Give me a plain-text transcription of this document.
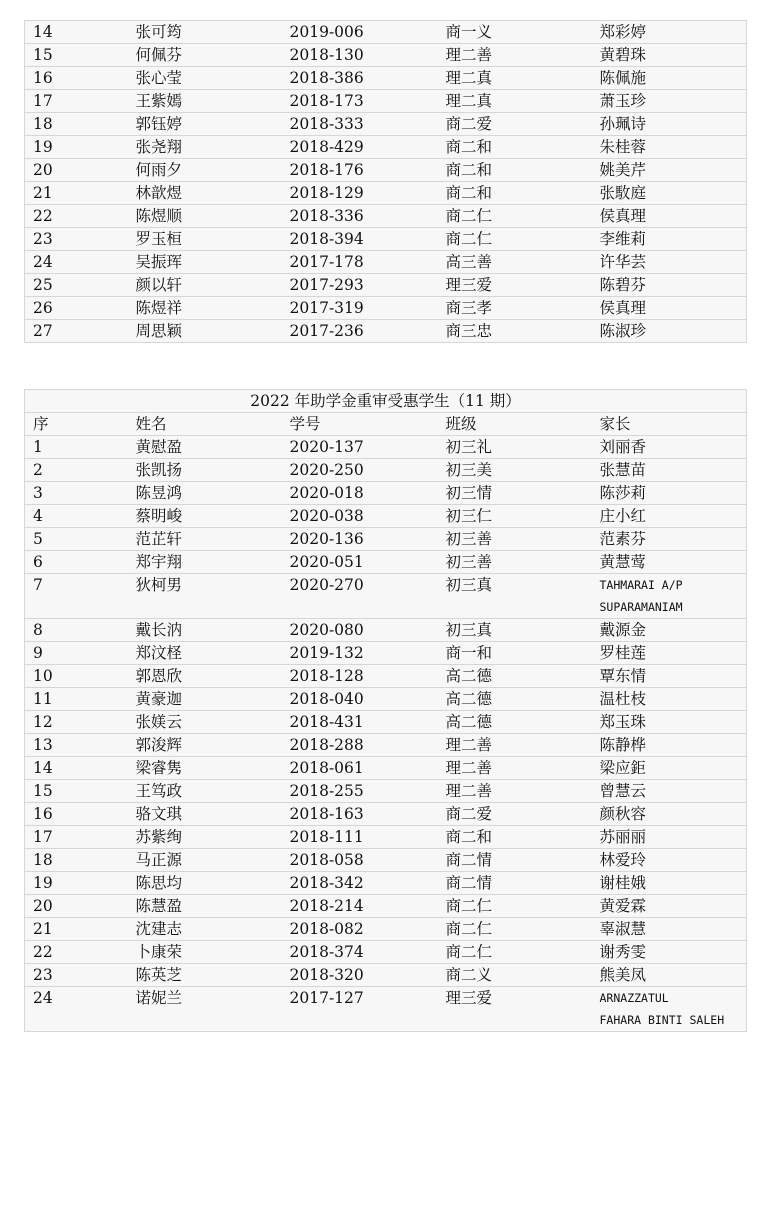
14	张可筠	2019-006	商一义	郑彩婷
15	何佩芬	2018-130	理二善	黄碧珠
16	张心莹	2018-386	理二真	陈佩施
17	王紫嫣	2018-173	理二真	萧玉珍
18	郭钰婷	2018-333	商二爱	孙珮诗
19	张尧翔	2018-429	商二和	朱桂蓉
20	何雨夕	2018-176	商二和	姚美芹
21	林歆煜	2018-129	商二和	张駇庭
22	陈煜顺	2018-336	商二仁	侯真理
23	罗玉桓	2018-394	商二仁	李维莉
24	吴振珲	2017-178	高三善	许华芸
25	颜以轩	2017-293	理三爱	陈碧芬
26	陈煜祥	2017-319	商三孝	侯真理
27	周思颖	2017-236	商三忠	陈淑珍
2022 年助学金重审受惠学生（11 期）				
序	姓名	学号	班级	家长
1	黄慰盈	2020-137	初三礼	刘丽香
2	张凯扬	2020-250	初三美	张慧苗
3	陈昱鸿	2020-018	初三情	陈莎莉
4	蔡明峻	2020-038	初三仁	庄小红
5	范芷轩	2020-136	初三善	范素芬
6	郑宇翔	2020-051	初三善	黄慧莺
7	狄柯男	2020-270	初三真	TAHMARAI A/P
SUPARAMANIAM

8	戴长汭	2020-080	初三真	戴源金
9	郑汶柽	2019-132	商一和	罗桂莲
10	郭恩欣	2018-128	高二德	覃东情
11	黄豪迦	2018-040	高二德	温杜枝
12	张媄云	2018-431	高二德	郑玉珠
13	郭浚辉	2018-288	理二善	陈静桦
14	梁睿隽	2018-061	理二善	梁应鉅
15	王笃政	2018-255	理二善	曾慧云
16	骆文琪	2018-163	商二爱	颜秋容
17	苏紫绚	2018-111	商二和	苏丽丽
18	马正源	2018-058	商二情	林爱玲
19	陈思均	2018-342	商二情	谢桂娥
20	陈慧盈	2018-214	商二仁	黄爱霖
21	沈建志	2018-082	商二仁	辜淑慧
22	卜康荣	2018-374	商二仁	谢秀雯
23	陈英芝	2018-320	商二义	熊美凤
24	诺妮兰	2017-127	理三爱	ARNAZZATUL
FAHARA BINTI SALEH
